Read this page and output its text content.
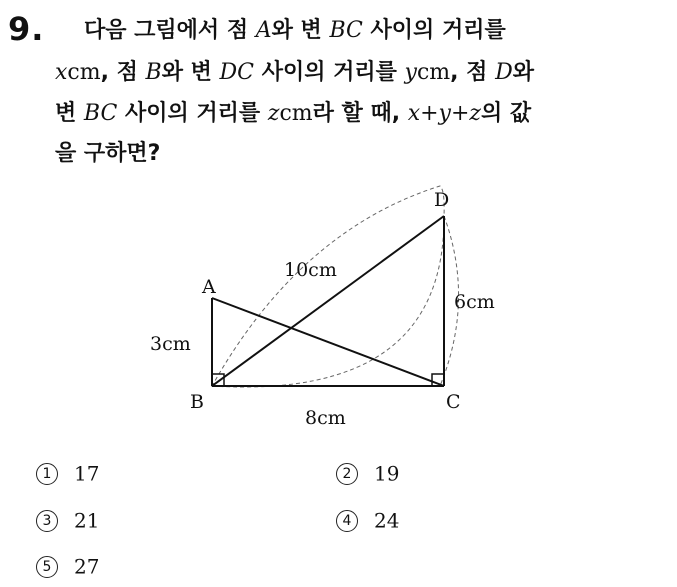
9. 다음 그림에서 점 A와 변 BC 사이의 거리를
xcm, 점 B와 변 DC 사이의 거리를 ycm, 점 D와
변 BC 사이의 거리를 zcm라 할 때, x+y+z의 값
을 구하면?
A
B	C
D
3cm
8cm
6cm
10cm
1 17	2 19
3 21	4 24
5 27
